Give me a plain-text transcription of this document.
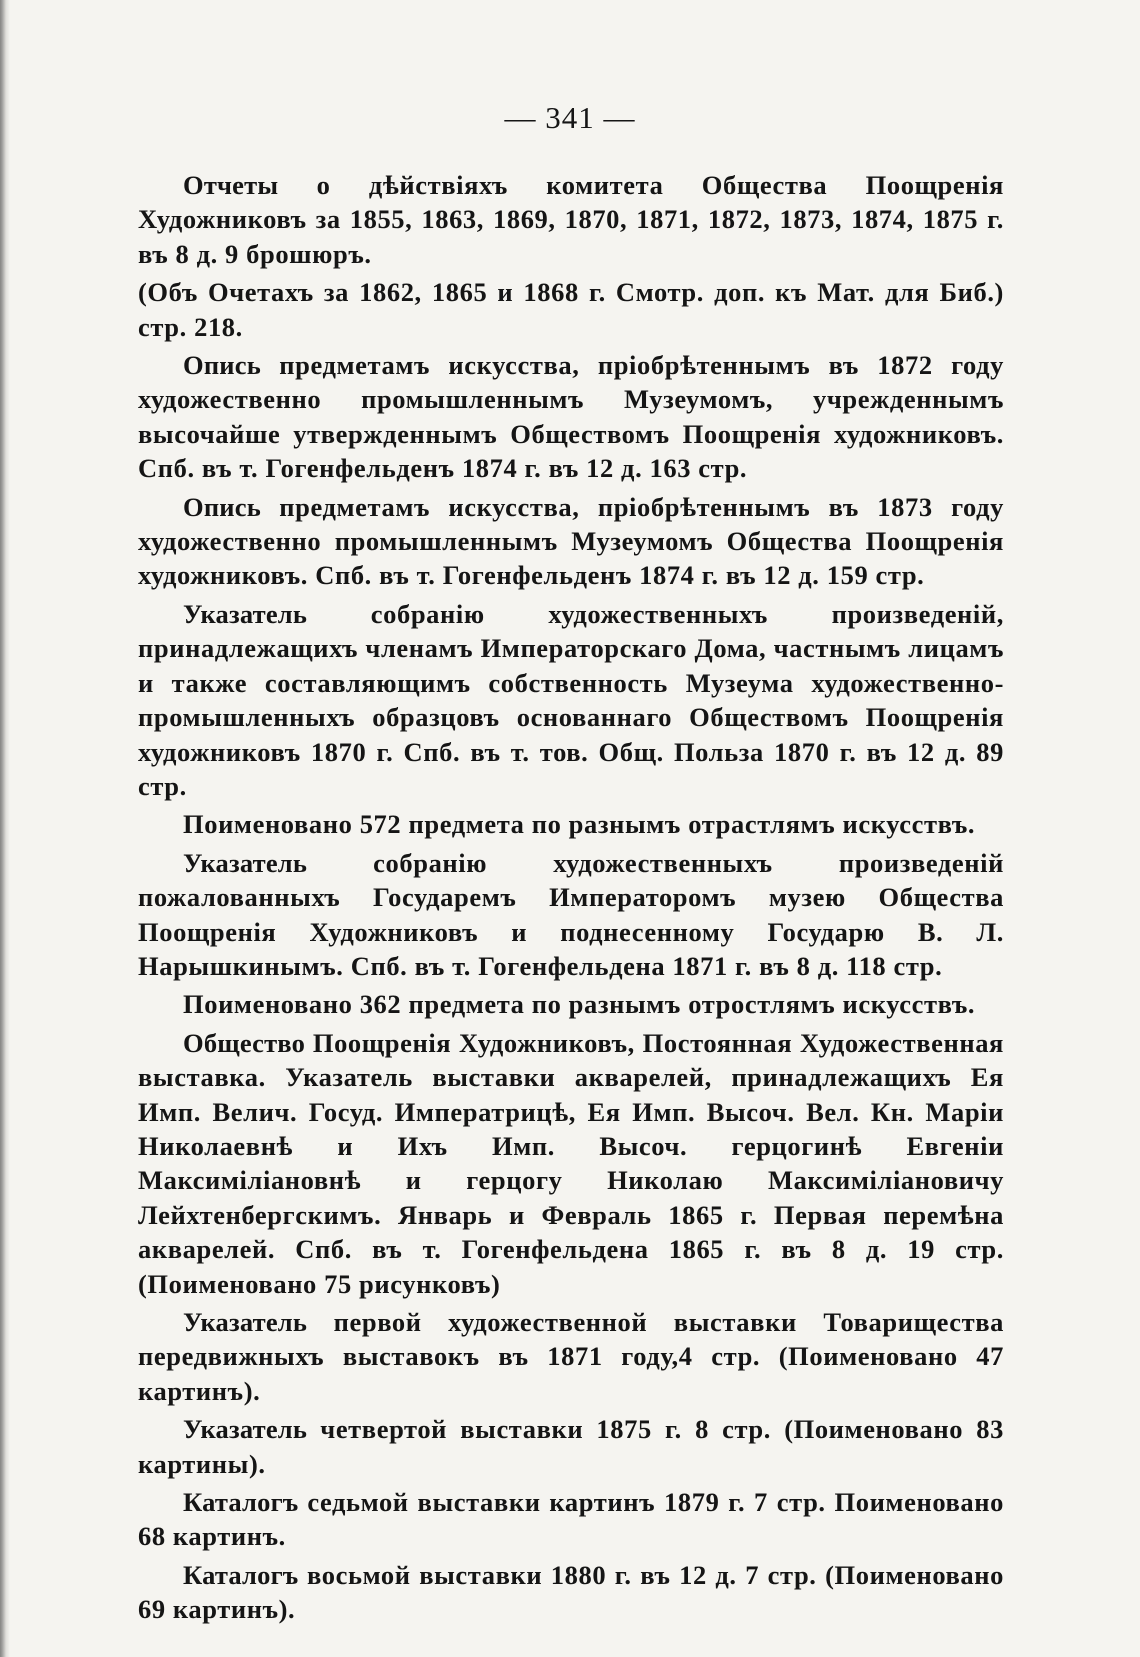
— 341 —

Отчеты о дѣйствіяхъ комитета Общества Поощренія Художниковъ за 1855, 1863, 1869, 1870, 1871, 1872, 1873, 1874, 1875 г. въ 8 д. 9 брошюръ.

(Объ Очетахъ за 1862, 1865 и 1868 г. Смотр. доп. къ Мат. для Биб.) стр. 218.

Опись предметамъ искусства, пріобрѣтеннымъ въ 1872 году художественно промышленнымъ Музеумомъ, учрежденнымъ высочайше утвержденнымъ Обществомъ Поощренія художниковъ. Спб. въ т. Гогенфельденъ 1874 г. въ 12 д. 163 стр.

Опись предметамъ искусства, пріобрѣтеннымъ въ 1873 году художественно промышленнымъ Музеумомъ Общества Поощренія художниковъ. Спб. въ т. Гогенфельденъ 1874 г. въ 12 д. 159 стр.

Указатель собранію художественныхъ произведеній, принадлежащихъ членамъ Императорскаго Дома, частнымъ лицамъ и также составляющимъ собственность Музеума художественно-промышленныхъ образцовъ основаннаго Обществомъ Поощренія художниковъ 1870 г. Спб. въ т. тов. Общ. Польза 1870 г. въ 12 д. 89 стр.

Поименовано 572 предмета по разнымъ отрастлямъ искусствъ.

Указатель собранію художественныхъ произведеній пожалованныхъ Государемъ Императоромъ музею Общества Поощренія Художниковъ и поднесенному Государю В. Л. Нарышкинымъ. Спб. въ т. Гогенфельдена 1871 г. въ 8 д. 118 стр.

Поименовано 362 предмета по разнымъ отростлямъ искусствъ.

Общество Поощренія Художниковъ, Постоянная Художественная выставка. Указатель выставки акварелей, принадлежащихъ Ея Имп. Велич. Госуд. Императрицѣ, Ея Имп. Высоч. Вел. Кн. Маріи Николаевнѣ и Ихъ Имп. Высоч. герцогинѣ Евгеніи Максиміліановнѣ и герцогу Николаю Максиміліановичу Лейхтенбергскимъ. Январь и Февраль 1865 г. Первая перемѣна акварелей. Спб. въ т. Гогенфельдена 1865 г. въ 8 д. 19 стр. (Поименовано 75 рисунковъ)

Указатель первой художественной выставки Товарищества передвижныхъ выставокъ въ 1871 году,4 стр. (Поименовано 47 картинъ).

Указатель четвертой выставки 1875 г. 8 стр. (Поименовано 83 картины).

Каталогъ седьмой выставки картинъ 1879 г. 7 стр. Поименовано 68 картинъ.

Каталогъ восьмой выставки 1880 г. въ 12 д. 7 стр. (Поименовано 69 картинъ).
